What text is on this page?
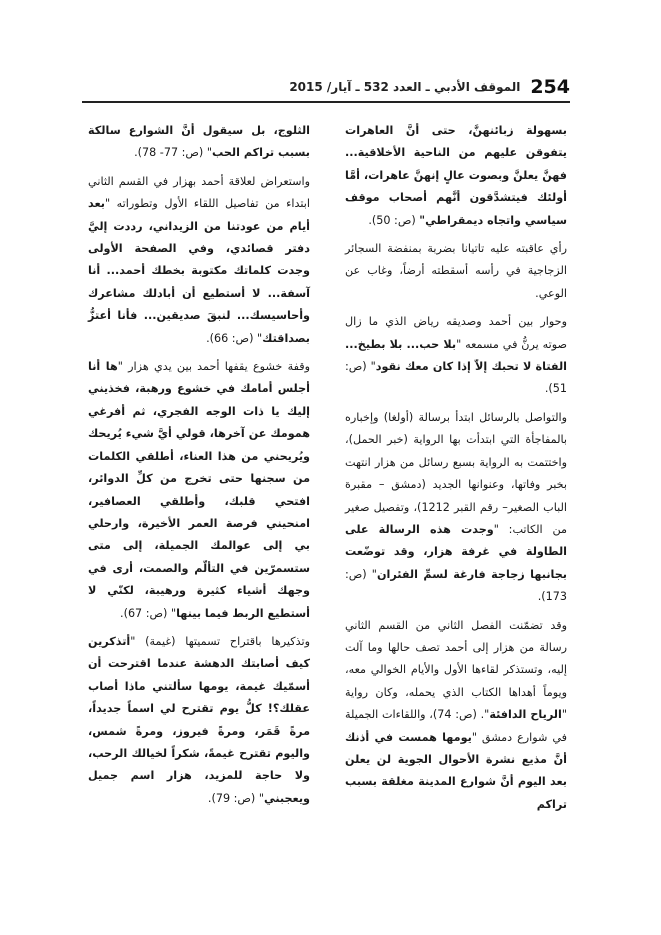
254
الموقف الأدبي ـ العدد 532 ـ آيار/ 2015

بسهولة زبائنهنَّ، حتى أنَّ العاهرات يتفوقن عليهم من الناحية الأخلاقية... فهنَّ يعلنَّ وبصوت عالٍ إنهنَّ عاهرات، أمَّا أولئك فيتشدَّقون أنَّهم أصحاب موقف سياسي واتجاه ديمقراطي" (ص: 50).

رأي عاقبته عليه تاتيانا بضربة بمنفضة السجائر الزجاجية في رأسه أسقطته أرضاً، وغاب عن الوعي.

وحوار بين أحمد وصديقه رياض الذي ما زال صوته يرنُّ في مسمعه "بلا حب... بلا بطيخ... الفتاة لا تحبك إلاّ إذا كان معك نقود" (ص: 51).

والتواصل بالرسائل ابتدأ برسالة (أولغا) وإخباره بالمفاجأة التي ابتدأت بها الرواية (خبر الحمل)، واختتمت به الرواية بسبع رسائل من هزار انتهت بخبر وفاتها، وعنوانها الجديد (دمشق – مقبرة الباب الصغير– رقم القبر 1212)، وتفصيل صغير من الكاتب: "وجدت هذه الرسالة على الطاولة في غرفة هزار، وقد توضّعت بجانبها زجاجة فارغة لسمِّ الفئران" (ص: 173).

وقد تضمّنت الفصل الثاني من القسم الثاني رسالة من هزار إلى أحمد تصف حالها وما آلت إليه، وتستذكر لقاءها الأول والأيام الخوالي معه، ويوماً أهداها الكتاب الذي يحمله، وكان رواية "الرياح الدافئة". (ص: 74)، واللقاءات الجميلة في شوارع دمشق "يومها همست في أذنك أنَّ مذيع نشرة الأحوال الجوية لن يعلن بعد اليوم أنَّ شوارع المدينة مغلقة بسبب تراكم

الثلوج، بل سيقول أنَّ الشوارع سالكة بسبب تراكم الحب" (ص: 77- 78).

واستعراض لعلاقة أحمد بهزار في القسم الثاني ابتداء من تفاصيل اللقاء الأول وتطوراته "بعد أيام من عودتنا من الزيداني، رددت إليَّ دفتر قصائدي، وفي الصفحة الأولى وجدت كلماتك مكتوبة بخطك أحمد... أنا آسفة... لا أستطيع أن أبادلك مشاعرك وأحاسيسك... لنبقَ صديقين... فأنا أعتزُّ بصداقتك" (ص: 66).

وقفة خشوع يقفها أحمد بين يدي هزار "ها أنا أجلس أمامك في خشوع ورهبة، فخذيني إليك يا ذات الوجه الفجري، ثم أفرغي همومك عن آخرها، قولي أيَّ شيء يُريحك ويُريحني من هذا العناء، أطلقي الكلمات من سجنها حتى تخرج من كلِّ الدوائر، افتحي قلبك، وأطلقي العصافير، امنحيني فرصة العمر الأخيرة، وارحلي بي إلى عوالمك الجميلة، إلى متى ستسمرّين في التألّم والصمت، أرى في وجهك أشياء كثيرة ورهيبة، لكنّي لا أستطيع الربط فيما بينها" (ص: 67).

وتذكيرها باقتراح تسميتها (غيمة) "أتذكرين كيف أصابتك الدهشة عندما اقترحت أن أسمّيك غيمة، يومها سألتني ماذا أصاب عقلك؟! كلُّ يوم تقترح لي اسماً جديداً، مرةً قَمَر، ومرةً فيروز، ومرةً شمس، واليوم تقترح غيمةً، شكراً لخيالك الرحب، ولا حاجة للمزيد، هزار اسم جميل ويعجبني" (ص: 79).
